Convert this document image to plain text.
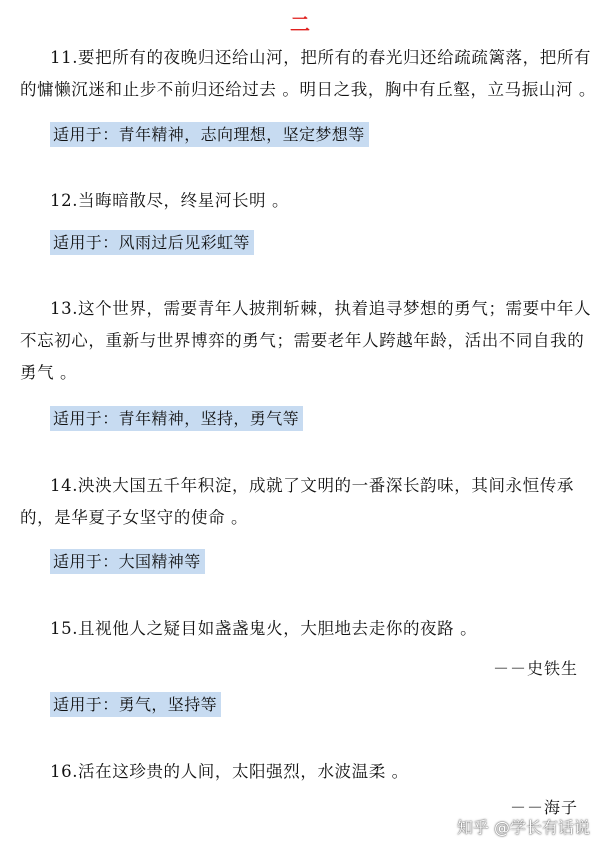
二
11.要把所有的夜晚归还给山河，把所有的春光归还给疏疏篱落，把所有
的慵懒沉迷和止步不前归还给过去 。明日之我，胸中有丘壑，立马振山河 。
适用于：青年精神，志向理想，坚定梦想等
12.当晦暗散尽，终星河长明 。
适用于：风雨过后见彩虹等
13.这个世界，需要青年人披荆斩棘，执着追寻梦想的勇气；需要中年人
不忘初心，重新与世界博弈的勇气；需要老年人跨越年龄，活出不同自我的
勇气 。
适用于：青年精神，坚持，勇气等
14.泱泱大国五千年积淀，成就了文明的一番深长韵味，其间永恒传承
的，是华夏子女坚守的使命 。
适用于：大国精神等
15.且视他人之疑目如盏盏鬼火，大胆地去走你的夜路 。
－－史铁生
适用于：勇气，坚持等
16.活在这珍贵的人间，太阳强烈，水波温柔 。
－－海子
知乎 @学长有话说
